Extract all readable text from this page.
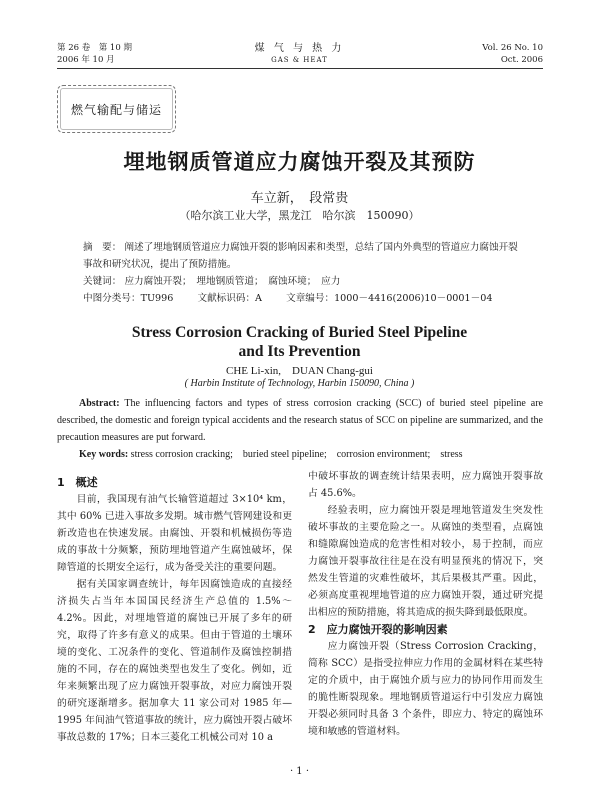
第 26 卷　第 10 期
2006 年 10 月
煤 气 与 热 力
GAS & HEAT
Vol. 26 No. 10
Oct. 2006
燃气输配与储运
埋地钢质管道应力腐蚀开裂及其预防
车立新，　段常贵
（哈尔滨工业大学，黑龙江　哈尔滨　150090）
摘　要： 阐述了埋地钢质管道应力腐蚀开裂的影响因素和类型，总结了国内外典型的管道应力腐蚀开裂事故和研究状况，提出了预防措施。
关键词： 应力腐蚀开裂；　埋地钢质管道；　腐蚀环境；　应力
中图分类号：TU996	文献标识码：A	文章编号：1000－4416(2006)10－0001－04
Stress Corrosion Cracking of Buried Steel Pipeline
and Its Prevention
CHE Li-xin,　DUAN Chang-gui
( Harbin Institute of Technology, Harbin 150090, China )
Abstract: The influencing factors and types of stress corrosion cracking (SCC) of buried steel pipeline are described, the domestic and foreign typical accidents and the research status of SCC on pipeline are summarized, and the precaution measures are put forward.
Key words: stress corrosion cracking;　buried steel pipeline;　corrosion environment;　stress
1　概述

目前，我国现有油气长输管道超过 3×10⁴ km，其中 60% 已进入事故多发期。城市燃气管网建设和更新改造也在快速发展。由腐蚀、开裂和机械损伤等造成的事故十分频繁，预防埋地管道产生腐蚀破坏，保障管道的长期安全运行，成为备受关注的重要问题。

据有关国家调查统计，每年因腐蚀造成的直接经济损失占当年本国国民经济生产总值的 1.5%～4.2%。因此，对埋地管道的腐蚀已开展了多年的研究，取得了许多有意义的成果。但由于管道的土壤环境的变化、工况条件的变化、管道制作及腐蚀控制措施的不同，存在的腐蚀类型也发生了变化。例如，近年来频繁出现了应力腐蚀开裂事故，对应力腐蚀开裂的研究逐渐增多。据加拿大 11 家公司对 1985 年—1995 年间油气管道事故的统计，应力腐蚀开裂占破坏事故总数的 17%；日本三菱化工机械公司对 10 a

中破坏事故的调查统计结果表明，应力腐蚀开裂事故占 45.6%。

经验表明，应力腐蚀开裂是埋地管道发生突发性破坏事故的主要危险之一。从腐蚀的类型看，点腐蚀和缝隙腐蚀造成的危害性相对较小，易于控制，而应力腐蚀开裂事故往往是在没有明显预兆的情况下，突然发生管道的灾难性破坏，其后果极其严重。因此，必须高度重视埋地管道的应力腐蚀开裂，通过研究提出相应的预防措施，将其造成的损失降到最低限度。

2　应力腐蚀开裂的影响因素

应力腐蚀开裂（Stress Corrosion Cracking，简称 SCC）是指受拉伸应力作用的金属材料在某些特定的介质中，由于腐蚀介质与应力的协同作用而发生的脆性断裂现象。埋地钢质管道运行中引发应力腐蚀开裂必须同时具备 3 个条件，即应力、特定的腐蚀环境和敏感的管道材料。

· 1 ·
